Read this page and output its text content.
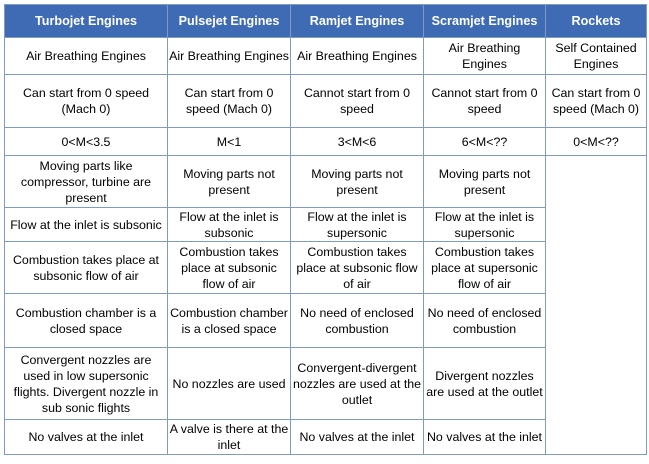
Turbojet Engines	Pulsejet Engines	Ramjet Engines	Scramjet Engines	Rockets
Air Breathing Engines	Air Breathing Engines	Air Breathing Engines	Air Breathing Engines	Self Contained Engines
Can start from 0 speed (Mach 0)	Can start from 0 speed (Mach 0)	Cannot start from 0 speed	Cannot start from 0 speed	Can start from 0 speed (Mach 0)
0<M<3.5	M<1	3<M<6	6<M<??	0<M<??
Moving parts like compressor, turbine are present	Moving parts not present	Moving parts not present	Moving parts not present	
Flow at the inlet is subsonic	Flow at the inlet is subsonic	Flow at the inlet is supersonic	Flow at the inlet is supersonic	
Combustion takes place at subsonic flow of air	Combustion takes place at subsonic flow of air	Combustion takes place at subsonic flow of air	Combustion takes place at supersonic flow of air	
Combustion chamber is a closed space	Combustion chamber is a closed space	No need of enclosed combustion	No need of enclosed combustion	
Convergent nozzles are used in low supersonic flights. Divergent nozzle in sub sonic flights	No nozzles are used	Convergent-divergent nozzles are used at the outlet	Divergent nozzles are used at the outlet	
No valves at the inlet	A valve is there at the inlet	No valves at the inlet	No valves at the inlet	
